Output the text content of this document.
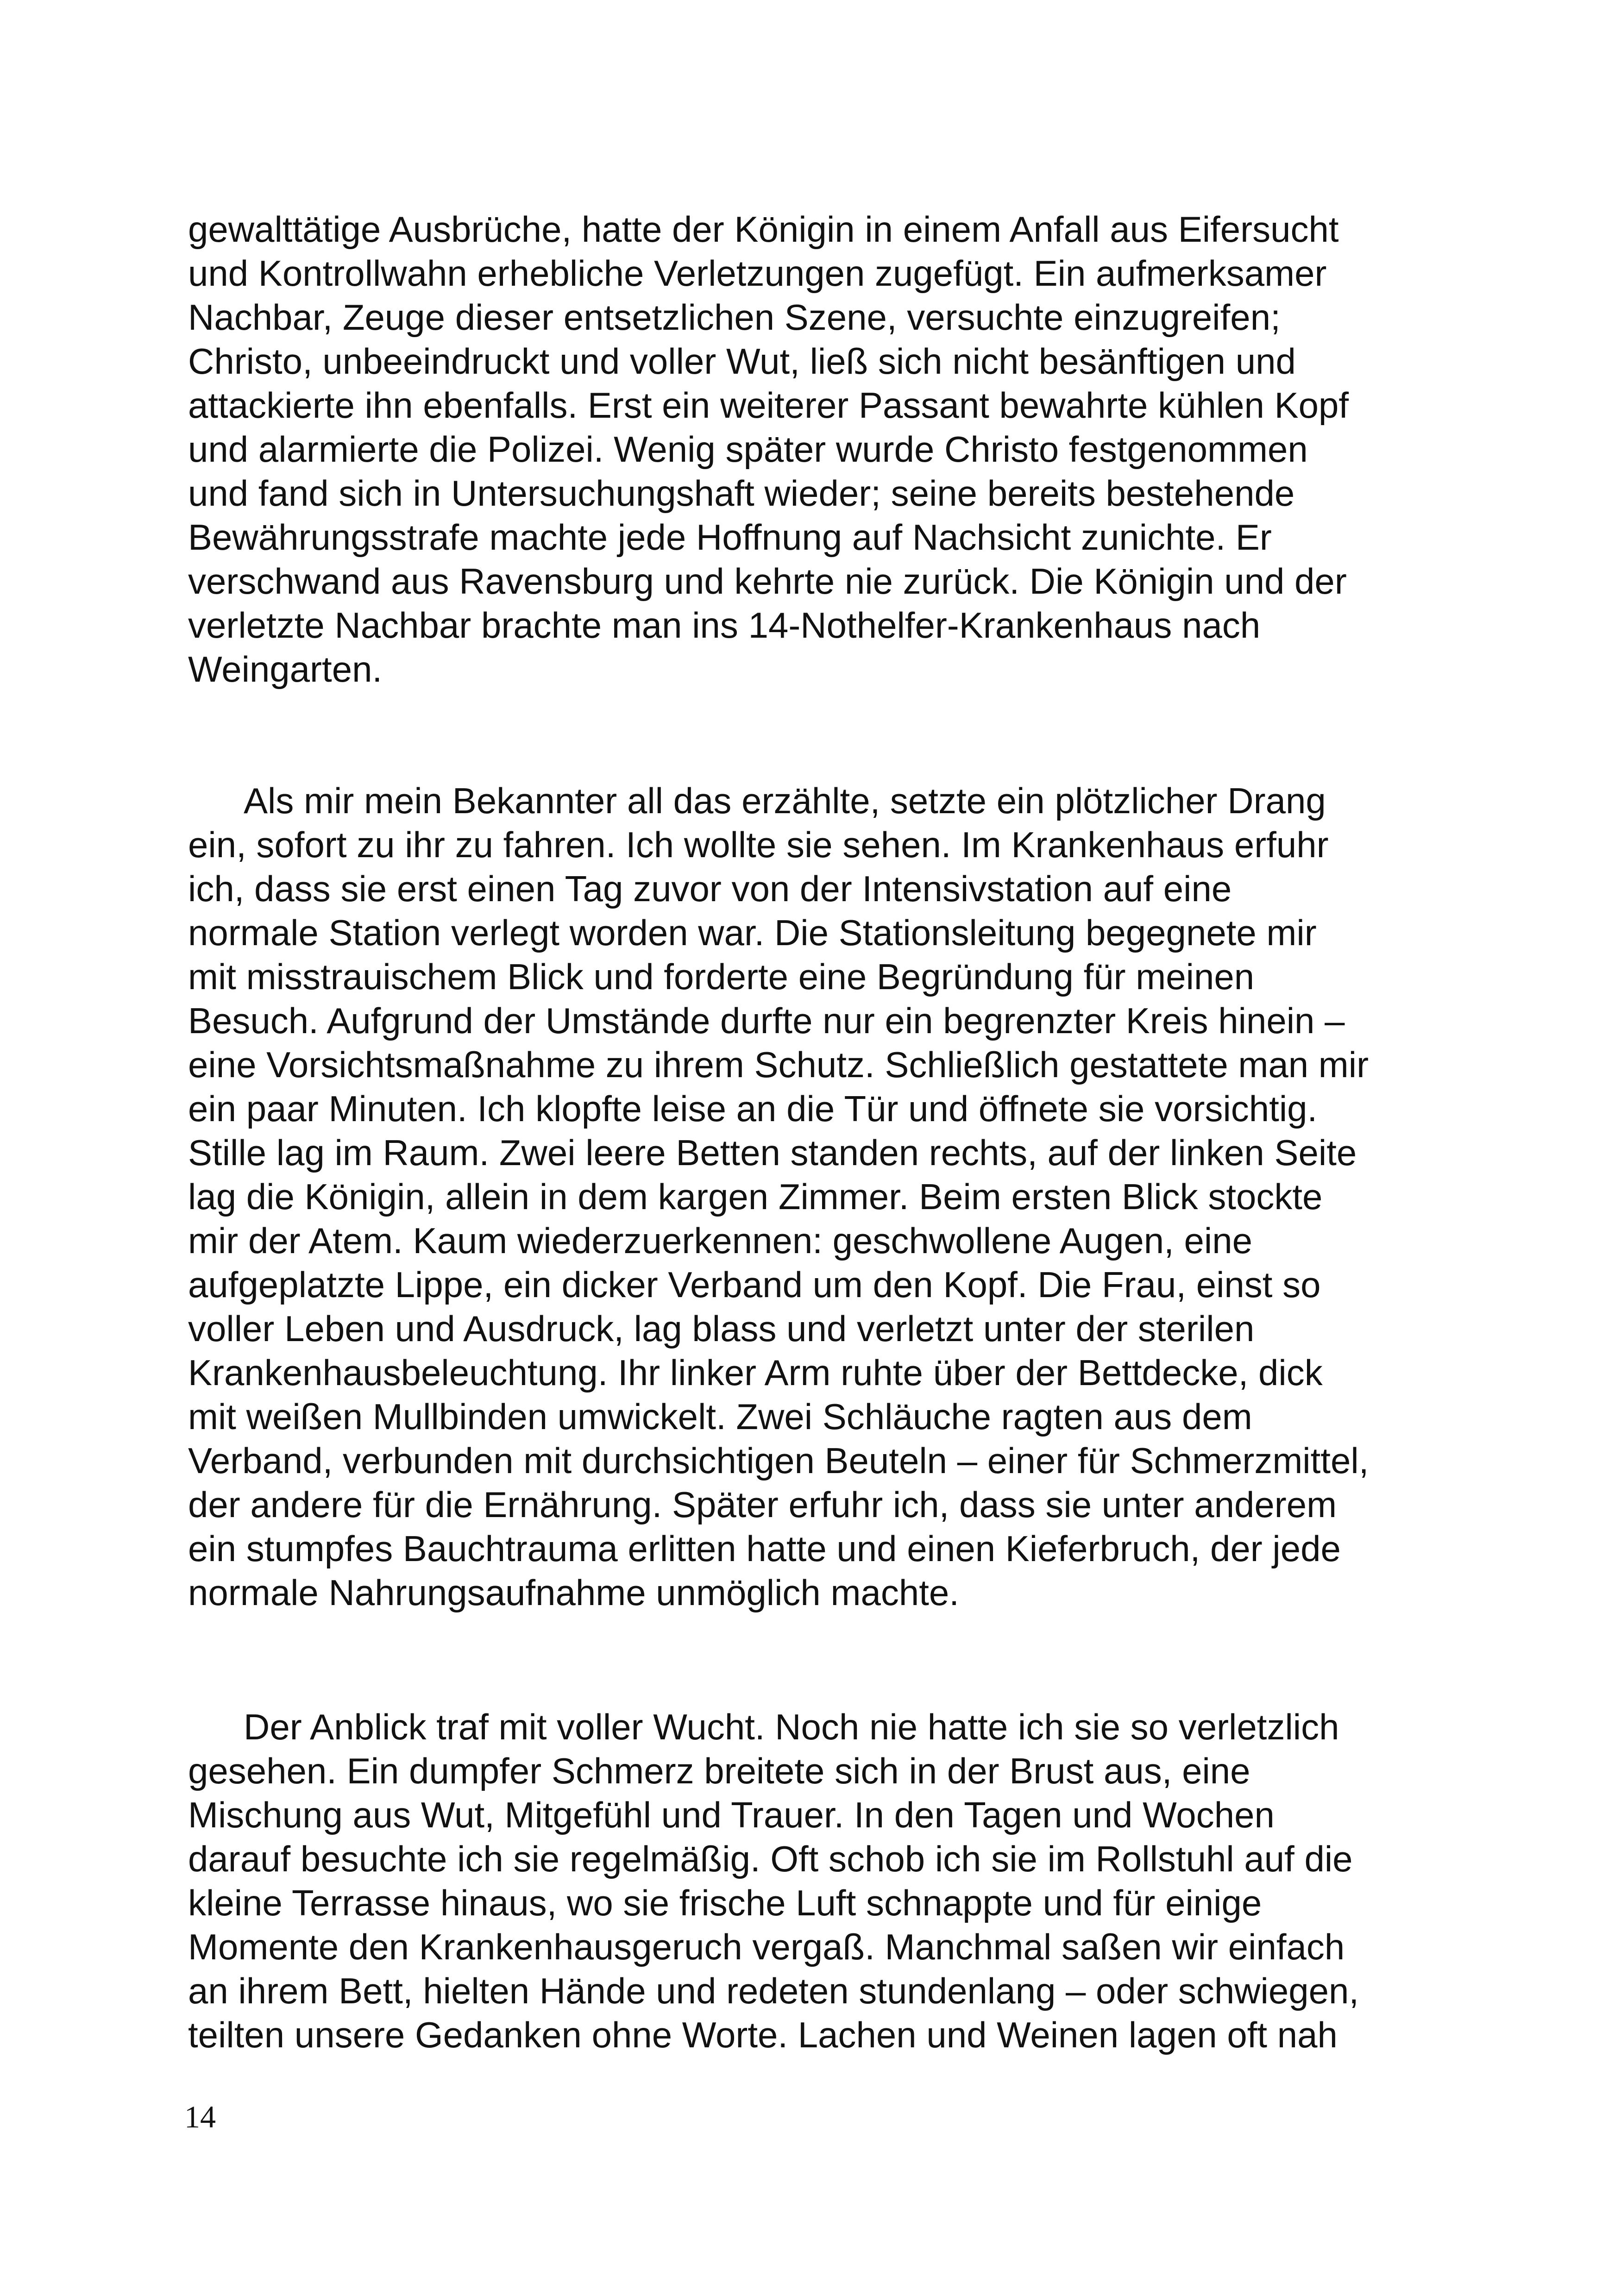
gewalttätige Ausbrüche, hatte der Königin in einem Anfall aus Eifersucht
und Kontrollwahn erhebliche Verletzungen zugefügt. Ein aufmerksamer
Nachbar, Zeuge dieser entsetzlichen Szene, versuchte einzugreifen;
Christo, unbeeindruckt und voller Wut, ließ sich nicht besänftigen und
attackierte ihn ebenfalls. Erst ein weiterer Passant bewahrte kühlen Kopf
und alarmierte die Polizei. Wenig später wurde Christo festgenommen
und fand sich in Untersuchungshaft wieder; seine bereits bestehende
Bewährungsstrafe machte jede Hoffnung auf Nachsicht zunichte. Er
verschwand aus Ravensburg und kehrte nie zurück. Die Königin und der
verletzte Nachbar brachte man ins 14-Nothelfer-Krankenhaus nach
Weingarten.
Als mir mein Bekannter all das erzählte, setzte ein plötzlicher Drang
ein, sofort zu ihr zu fahren. Ich wollte sie sehen. Im Krankenhaus erfuhr
ich, dass sie erst einen Tag zuvor von der Intensivstation auf eine
normale Station verlegt worden war. Die Stationsleitung begegnete mir
mit misstrauischem Blick und forderte eine Begründung für meinen
Besuch. Aufgrund der Umstände durfte nur ein begrenzter Kreis hinein –
eine Vorsichtsmaßnahme zu ihrem Schutz. Schließlich gestattete man mir
ein paar Minuten. Ich klopfte leise an die Tür und öffnete sie vorsichtig.
Stille lag im Raum. Zwei leere Betten standen rechts, auf der linken Seite
lag die Königin, allein in dem kargen Zimmer. Beim ersten Blick stockte
mir der Atem. Kaum wiederzuerkennen: geschwollene Augen, eine
aufgeplatzte Lippe, ein dicker Verband um den Kopf. Die Frau, einst so
voller Leben und Ausdruck, lag blass und verletzt unter der sterilen
Krankenhausbeleuchtung. Ihr linker Arm ruhte über der Bettdecke, dick
mit weißen Mullbinden umwickelt. Zwei Schläuche ragten aus dem
Verband, verbunden mit durchsichtigen Beuteln – einer für Schmerzmittel,
der andere für die Ernährung. Später erfuhr ich, dass sie unter anderem
ein stumpfes Bauchtrauma erlitten hatte und einen Kieferbruch, der jede
normale Nahrungsaufnahme unmöglich machte.
Der Anblick traf mit voller Wucht. Noch nie hatte ich sie so verletzlich
gesehen. Ein dumpfer Schmerz breitete sich in der Brust aus, eine
Mischung aus Wut, Mitgefühl und Trauer. In den Tagen und Wochen
darauf besuchte ich sie regelmäßig. Oft schob ich sie im Rollstuhl auf die
kleine Terrasse hinaus, wo sie frische Luft schnappte und für einige
Momente den Krankenhausgeruch vergaß. Manchmal saßen wir einfach
an ihrem Bett, hielten Hände und redeten stundenlang – oder schwiegen,
teilten unsere Gedanken ohne Worte. Lachen und Weinen lagen oft nah
14
